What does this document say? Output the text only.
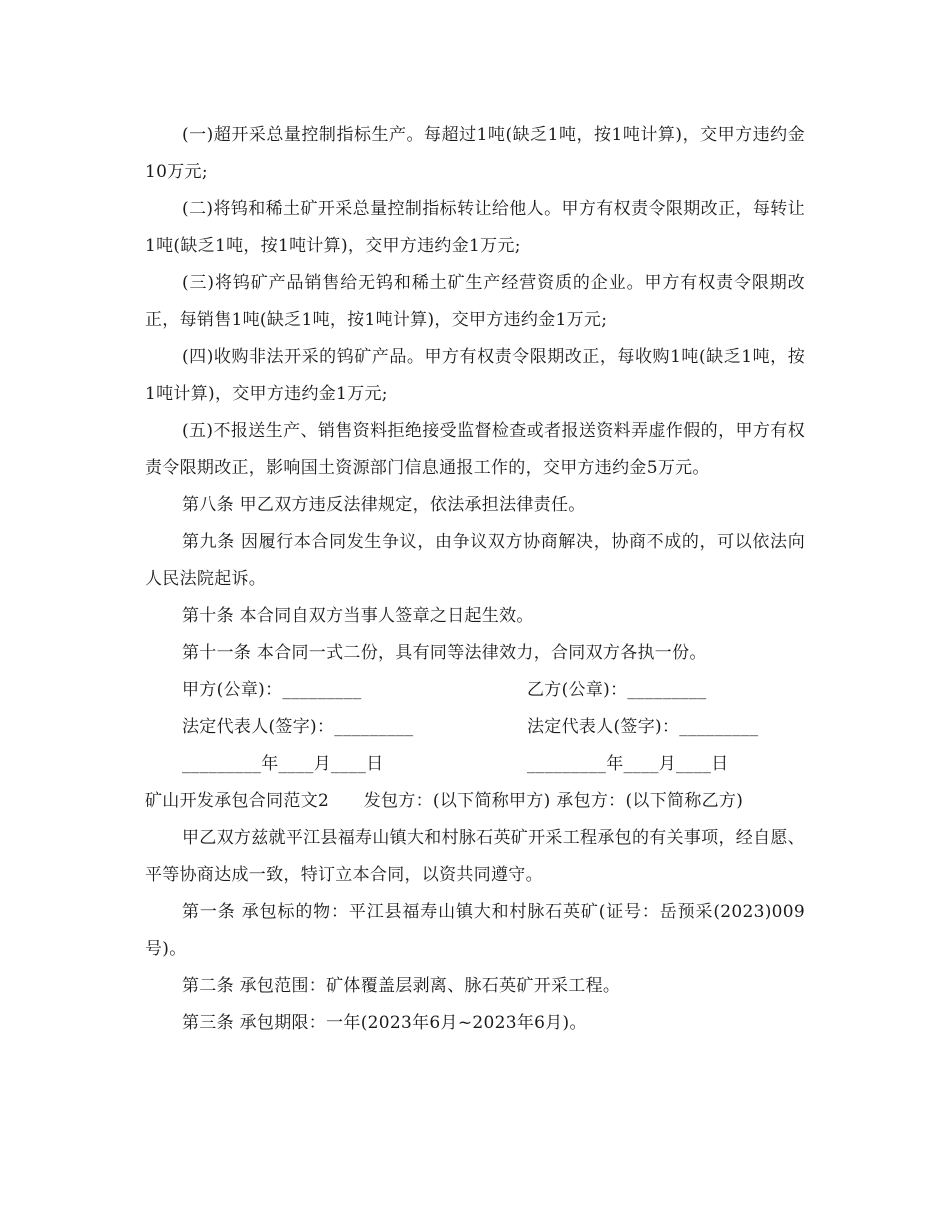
(一)超开采总量控制指标生产。每超过1吨(缺乏1吨，按1吨计算)，交甲方违约金10万元;

(二)将钨和稀土矿开采总量控制指标转让给他人。甲方有权责令限期改正，每转让1吨(缺乏1吨，按1吨计算)，交甲方违约金1万元;

(三)将钨矿产品销售给无钨和稀土矿生产经营资质的企业。甲方有权责令限期改正，每销售1吨(缺乏1吨，按1吨计算)，交甲方违约金1万元;

(四)收购非法开采的钨矿产品。甲方有权责令限期改正，每收购1吨(缺乏1吨，按1吨计算)，交甲方违约金1万元;

(五)不报送生产、销售资料拒绝接受监督检查或者报送资料弄虚作假的，甲方有权责令限期改正，影响国土资源部门信息通报工作的，交甲方违约金5万元。

第八条 甲乙双方违反法律规定，依法承担法律责任。

第九条 因履行本合同发生争议，由争议双方协商解决，协商不成的，可以依法向人民法院起诉。

第十条 本合同自双方当事人签章之日起生效。

第十一条 本合同一式二份，具有同等法律效力，合同双方各执一份。

甲方(公章)：_________	乙方(公章)：_________
法定代表人(签字)：_________	法定代表人(签字)：_________
_________年____月____日	_________年____月____日

矿山开发承包合同范文2　　发包方：(以下简称甲方) 承包方：(以下简称乙方)

甲乙双方兹就平江县福寿山镇大和村脉石英矿开采工程承包的有关事项，经自愿、平等协商达成一致，特订立本合同，以资共同遵守。

第一条 承包标的物：平江县福寿山镇大和村脉石英矿(证号：岳预采(2023)009号)。

第二条 承包范围：矿体覆盖层剥离、脉石英矿开采工程。

第三条 承包期限：一年(2023年6月~2023年6月)。
